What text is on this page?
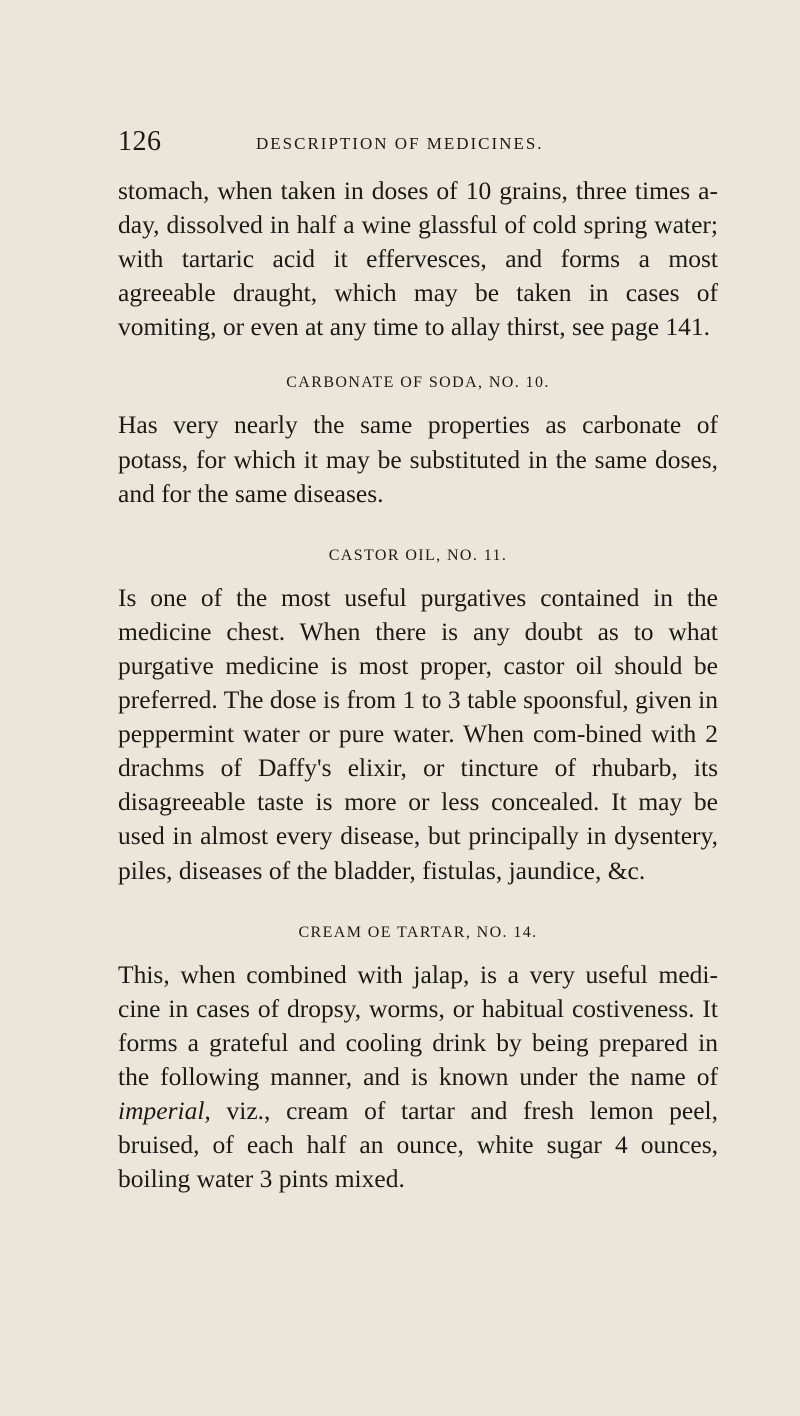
126	DESCRIPTION OF MEDICINES.

stomach, when taken in doses of 10 grains, three times a-day, dissolved in half a wine glassful of cold spring water; with tartaric acid it effervesces, and forms a most agreeable draught, which may be taken in cases of vomiting, or even at any time to allay thirst, see page 141.

CARBONATE OF SODA, NO. 10.

Has very nearly the same properties as carbonate of potass, for which it may be substituted in the same doses, and for the same diseases.

CASTOR OIL, NO. 11.

Is one of the most useful purgatives contained in the medicine chest. When there is any doubt as to what purgative medicine is most proper, castor oil should be preferred. The dose is from 1 to 3 table spoonsful, given in peppermint water or pure water. When com-bined with 2 drachms of Daffy's elixir, or tincture of rhubarb, its disagreeable taste is more or less concealed. It may be used in almost every disease, but principally in dysentery, piles, diseases of the bladder, fistulas, jaundice, &c.

CREAM OE TARTAR, NO. 14.

This, when combined with jalap, is a very useful medi-cine in cases of dropsy, worms, or habitual costiveness. It forms a grateful and cooling drink by being prepared in the following manner, and is known under the name of imperial, viz., cream of tartar and fresh lemon peel, bruised, of each half an ounce, white sugar 4 ounces, boiling water 3 pints mixed.
